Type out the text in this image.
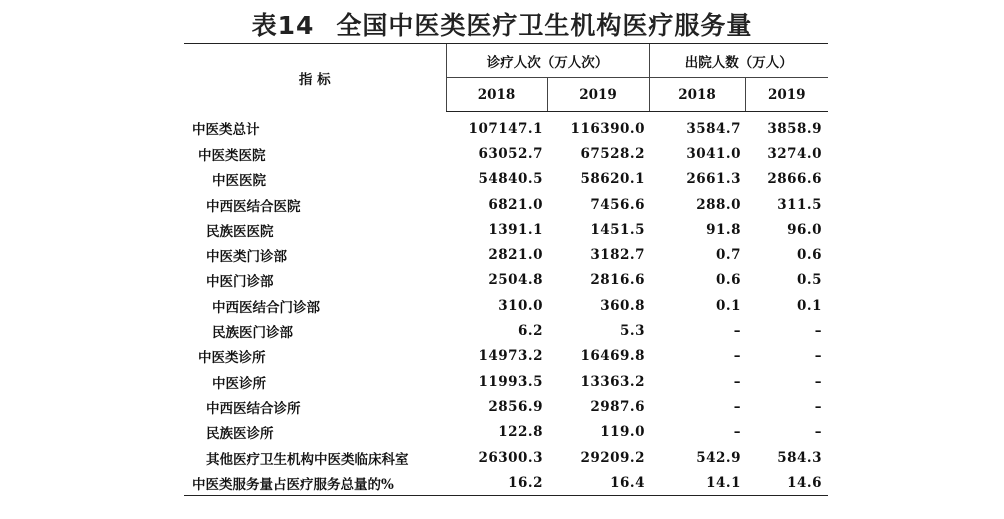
表14 全国中医类医疗卫生机构医疗服务量
指 标	诊疗人次（万人次）		出院人数（万人）	
	2018	2019	2018	2019
中医类总计	107147.1	116390.0	3584.7	3858.9
中医类医院	63052.7	67528.2	3041.0	3274.0
中医医院	54840.5	58620.1	2661.3	2866.6
中西医结合医院	6821.0	7456.6	288.0	311.5
民族医医院	1391.1	1451.5	91.8	96.0
中医类门诊部	2821.0	3182.7	0.7	0.6
中医门诊部	2504.8	2816.6	0.6	0.5
中西医结合门诊部	310.0	360.8	0.1	0.1
民族医门诊部	6.2	5.3	–	–
中医类诊所	14973.2	16469.8	–	–
中医诊所	11993.5	13363.2	–	–
中西医结合诊所	2856.9	2987.6	–	–
民族医诊所	122.8	119.0	–	–
其他医疗卫生机构中医类临床科室	26300.3	29209.2	542.9	584.3
中医类服务量占医疗服务总量的%	16.2	16.4	14.1	14.6
